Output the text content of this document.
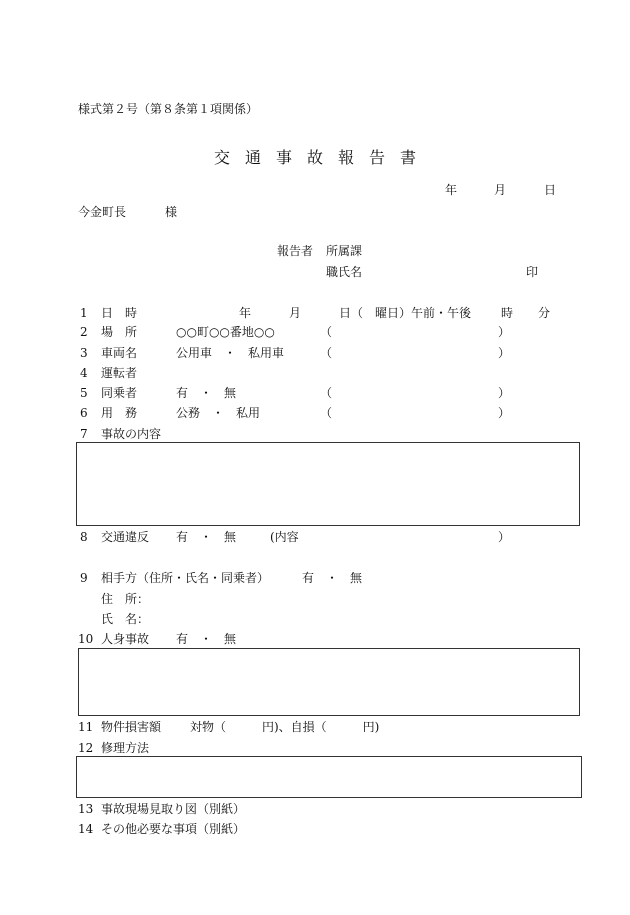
様式第２号（第８条第１項関係）
交通事故報告書
年	月	日
今金町長	様
報告者 所属課
職氏名	印
1 日　時	年	月	日（　曜日）午前・午後 時 分
2 場　所	○○町○○番地○○	（	）
3 車両名	公用車　・　私用車	（	）
4 運転者
5 同乗者	有　・　無	（	）
6 用　務	公務　・　私用	（	）
7 事故の内容
8 交通違反 有　・　無	(内容	）
9 相手方（住所・氏名・同乗者）	有　・　無
住　所：
氏　名：
10 人身事故 有　・　無
11 物件損害額 対物（　　　円)、自損（　　　円)
12 修理方法
13 事故現場見取り図（別紙）
14 その他必要な事項（別紙）
